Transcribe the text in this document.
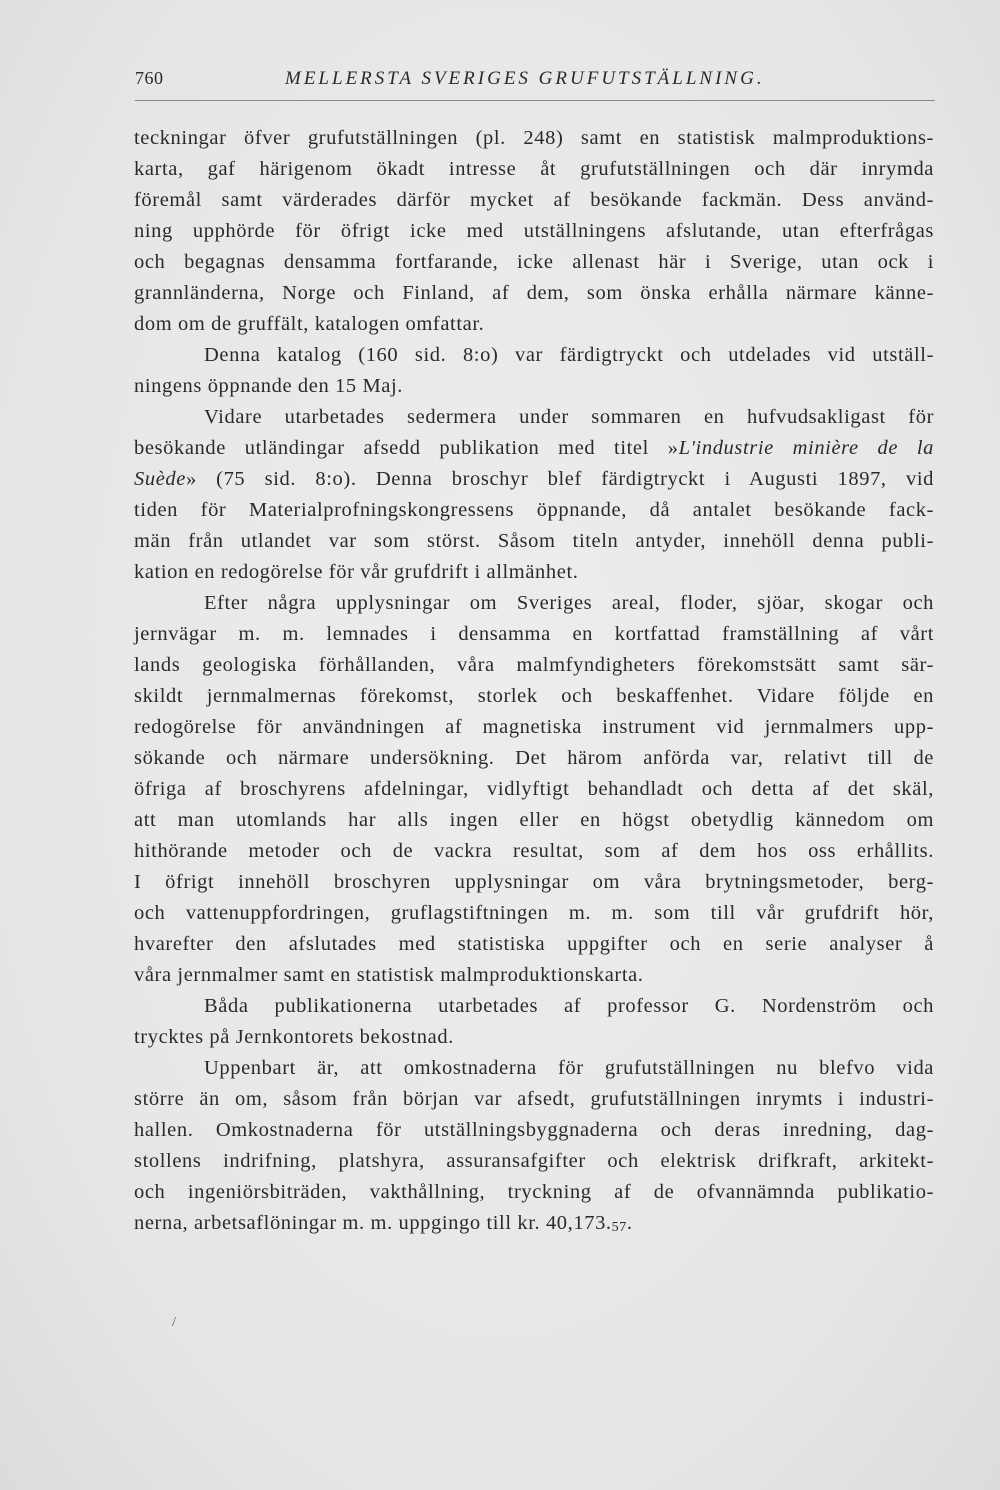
760	MELLERSTA SVERIGES GRUFUTSTÄLLNING.
teckningar öfver grufutställningen (pl. 248) samt en statistisk malmproduktions-
karta, gaf härigenom ökadt intresse åt grufutställningen och där inrymda
föremål samt värderades därför mycket af besökande fackmän. Dess använd-
ning upphörde för öfrigt icke med utställningens afslutande, utan efterfrågas
och begagnas densamma fortfarande, icke allenast här i Sverige, utan ock i
grannländerna, Norge och Finland, af dem, som önska erhålla närmare känne-
dom om de gruffält, katalogen omfattar.
Denna katalog (160 sid. 8:o) var färdigtryckt och utdelades vid utställ-
ningens öppnande den 15 Maj.
Vidare utarbetades sedermera under sommaren en hufvudsakligast för
besökande utländingar afsedd publikation med titel »L'industrie minière de la
Suède» (75 sid. 8:o). Denna broschyr blef färdigtryckt i Augusti 1897, vid
tiden för Materialprofningskongressens öppnande, då antalet besökande fack-
män från utlandet var som störst. Såsom titeln antyder, innehöll denna publi-
kation en redogörelse för vår grufdrift i allmänhet.
Efter några upplysningar om Sveriges areal, floder, sjöar, skogar och
jernvägar m. m. lemnades i densamma en kortfattad framställning af vårt
lands geologiska förhållanden, våra malmfyndigheters förekomstsätt samt sär-
skildt jernmalmernas förekomst, storlek och beskaffenhet. Vidare följde en
redogörelse för användningen af magnetiska instrument vid jernmalmers upp-
sökande och närmare undersökning. Det härom anförda var, relativt till de
öfriga af broschyrens afdelningar, vidlyftigt behandladt och detta af det skäl,
att man utomlands har alls ingen eller en högst obetydlig kännedom om
hithörande metoder och de vackra resultat, som af dem hos oss erhållits.
I öfrigt innehöll broschyren upplysningar om våra brytningsmetoder, berg-
och vattenuppfordringen, gruflagstiftningen m. m. som till vår grufdrift hör,
hvarefter den afslutades med statistiska uppgifter och en serie analyser å
våra jernmalmer samt en statistisk malmproduktionskarta.
Båda publikationerna utarbetades af professor G. Nordenström och
trycktes på Jernkontorets bekostnad.
Uppenbart är, att omkostnaderna för grufutställningen nu blefvo vida
större än om, såsom från början var afsedt, grufutställningen inrymts i industri-
hallen. Omkostnaderna för utställningsbyggnaderna och deras inredning, dag-
stollens indrifning, platshyra, assuransafgifter och elektrisk drifkraft, arkitekt-
och ingeniörsbiträden, vakthållning, tryckning af de ofvannämnda publikatio-
nerna, arbetsaflöningar m. m. uppgingo till kr. 40,173.57.
/
